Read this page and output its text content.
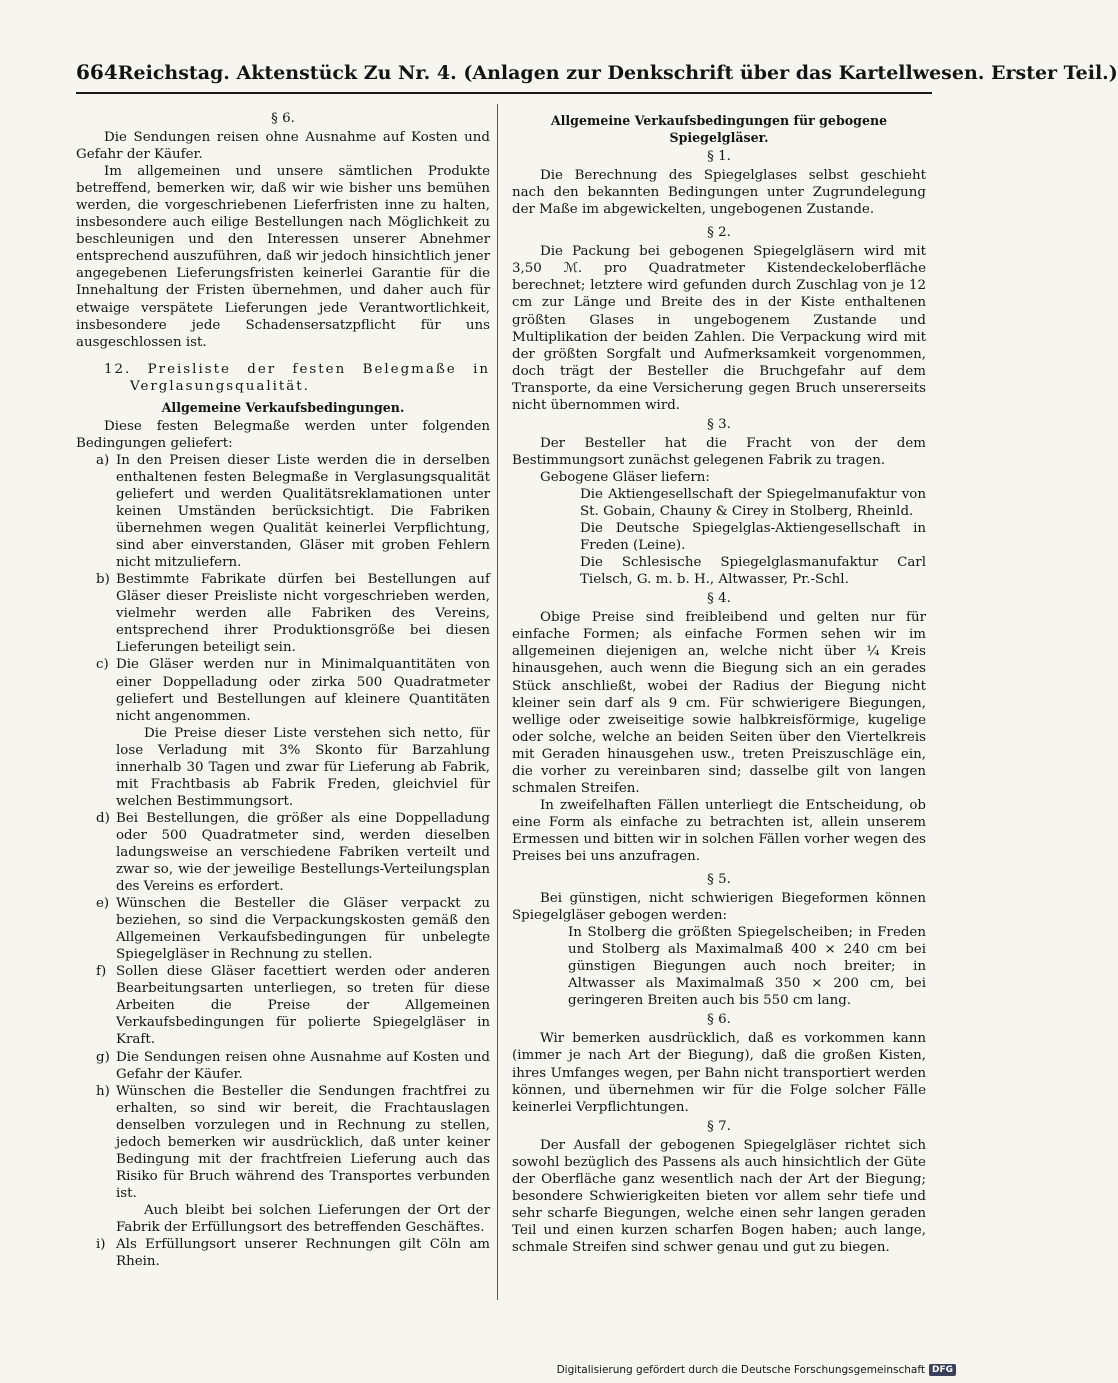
664 Reichstag. Aktenstück Zu Nr. 4. (Anlagen zur Denkschrift über das Kartellwesen. Erster Teil.)

§ 6.

Die Sendungen reisen ohne Ausnahme auf Kosten und Gefahr der Käufer.

Im allgemeinen und unsere sämtlichen Produkte betreffend, bemerken wir, daß wir wie bisher uns bemühen werden, die vorgeschriebenen Lieferfristen inne zu halten, insbesondere auch eilige Bestellungen nach Möglichkeit zu beschleunigen und den Interessen unserer Abnehmer entsprechend auszuführen, daß wir jedoch hinsichtlich jener angegebenen Lieferungsfristen keinerlei Garantie für die Innehaltung der Fristen übernehmen, und daher auch für etwaige verspätete Lieferungen jede Verantwortlichkeit, insbesondere jede Schadensersatzpflicht für uns ausgeschlossen ist.

12. Preisliste der festen Belegmaße in Verglasungsqualität.

Allgemeine Verkaufsbedingungen.

Diese festen Belegmaße werden unter folgenden Bedingungen geliefert:

a) In den Preisen dieser Liste werden die in derselben enthaltenen festen Belegmaße in Verglasungsqualität geliefert und werden Qualitätsreklamationen unter keinen Umständen berücksichtigt. Die Fabriken übernehmen wegen Qualität keinerlei Verpflichtung, sind aber einverstanden, Gläser mit groben Fehlern nicht mitzuliefern.

b) Bestimmte Fabrikate dürfen bei Bestellungen auf Gläser dieser Preisliste nicht vorgeschrieben werden, vielmehr werden alle Fabriken des Vereins, entsprechend ihrer Produktionsgröße bei diesen Lieferungen beteiligt sein.

c) Die Gläser werden nur in Minimalquantitäten von einer Doppelladung oder zirka 500 Quadratmeter geliefert und Bestellungen auf kleinere Quantitäten nicht angenommen.

Die Preise dieser Liste verstehen sich netto, für lose Verladung mit 3% Skonto für Barzahlung innerhalb 30 Tagen und zwar für Lieferung ab Fabrik, mit Frachtbasis ab Fabrik Freden, gleichviel für welchen Bestimmungsort.

d) Bei Bestellungen, die größer als eine Doppelladung oder 500 Quadratmeter sind, werden dieselben ladungsweise an verschiedene Fabriken verteilt und zwar so, wie der jeweilige Bestellungs-Verteilungsplan des Vereins es erfordert.

e) Wünschen die Besteller die Gläser verpackt zu beziehen, so sind die Verpackungskosten gemäß den Allgemeinen Verkaufsbedingungen für unbelegte Spiegelgläser in Rechnung zu stellen.

f) Sollen diese Gläser facettiert werden oder anderen Bearbeitungsarten unterliegen, so treten für diese Arbeiten die Preise der Allgemeinen Verkaufsbedingungen für polierte Spiegelgläser in Kraft.

g) Die Sendungen reisen ohne Ausnahme auf Kosten und Gefahr der Käufer.

h) Wünschen die Besteller die Sendungen frachtfrei zu erhalten, so sind wir bereit, die Frachtauslagen denselben vorzulegen und in Rechnung zu stellen, jedoch bemerken wir ausdrücklich, daß unter keiner Bedingung mit der frachtfreien Lieferung auch das Risiko für Bruch während des Transportes verbunden ist.

Auch bleibt bei solchen Lieferungen der Ort der Fabrik der Erfüllungsort des betreffenden Geschäftes.

i) Als Erfüllungsort unserer Rechnungen gilt Cöln am Rhein.

Allgemeine Verkaufsbedingungen für gebogene Spiegelgläser.

§ 1.

Die Berechnung des Spiegelglases selbst geschieht nach den bekannten Bedingungen unter Zugrundelegung der Maße im abgewickelten, ungebogenen Zustande.

§ 2.

Die Packung bei gebogenen Spiegelgläsern wird mit 3,50 ℳ. pro Quadratmeter Kistendeckeloberfläche berechnet; letztere wird gefunden durch Zuschlag von je 12 cm zur Länge und Breite des in der Kiste enthaltenen größten Glases in ungebogenem Zustande und Multiplikation der beiden Zahlen. Die Verpackung wird mit der größten Sorgfalt und Aufmerksamkeit vorgenommen, doch trägt der Besteller die Bruchgefahr auf dem Transporte, da eine Versicherung gegen Bruch unsererseits nicht übernommen wird.

§ 3.

Der Besteller hat die Fracht von der dem Bestimmungsort zunächst gelegenen Fabrik zu tragen.

Gebogene Gläser liefern:

Die Aktiengesellschaft der Spiegelmanufaktur von St. Gobain, Chauny & Cirey in Stolberg, Rheinld.

Die Deutsche Spiegelglas-Aktiengesellschaft in Freden (Leine).

Die Schlesische Spiegelglasmanufaktur Carl Tielsch, G. m. b. H., Altwasser, Pr.-Schl.

§ 4.

Obige Preise sind freibleibend und gelten nur für einfache Formen; als einfache Formen sehen wir im allgemeinen diejenigen an, welche nicht über ¼ Kreis hinausgehen, auch wenn die Biegung sich an ein gerades Stück anschließt, wobei der Radius der Biegung nicht kleiner sein darf als 9 cm. Für schwierigere Biegungen, wellige oder zweiseitige sowie halbkreisförmige, kugelige oder solche, welche an beiden Seiten über den Viertelkreis mit Geraden hinausgehen usw., treten Preiszuschläge ein, die vorher zu vereinbaren sind; dasselbe gilt von langen schmalen Streifen.

In zweifelhaften Fällen unterliegt die Entscheidung, ob eine Form als einfache zu betrachten ist, allein unserem Ermessen und bitten wir in solchen Fällen vorher wegen des Preises bei uns anzufragen.

§ 5.

Bei günstigen, nicht schwierigen Biegeformen können Spiegelgläser gebogen werden:

In Stolberg die größten Spiegelscheiben; in Freden und Stolberg als Maximalmaß 400 × 240 cm bei günstigen Biegungen auch noch breiter; in Altwasser als Maximalmaß 350 × 200 cm, bei geringeren Breiten auch bis 550 cm lang.

§ 6.

Wir bemerken ausdrücklich, daß es vorkommen kann (immer je nach Art der Biegung), daß die großen Kisten, ihres Umfanges wegen, per Bahn nicht transportiert werden können, und übernehmen wir für die Folge solcher Fälle keinerlei Verpflichtungen.

§ 7.

Der Ausfall der gebogenen Spiegelgläser richtet sich sowohl bezüglich des Passens als auch hinsichtlich der Güte der Oberfläche ganz wesentlich nach der Art der Biegung; besondere Schwierigkeiten bieten vor allem sehr tiefe und sehr scharfe Biegungen, welche einen sehr langen geraden Teil und einen kurzen scharfen Bogen haben; auch lange, schmale Streifen sind schwer genau und gut zu biegen.

Digitalisierung gefördert durch die Deutsche Forschungsgemeinschaft DFG
